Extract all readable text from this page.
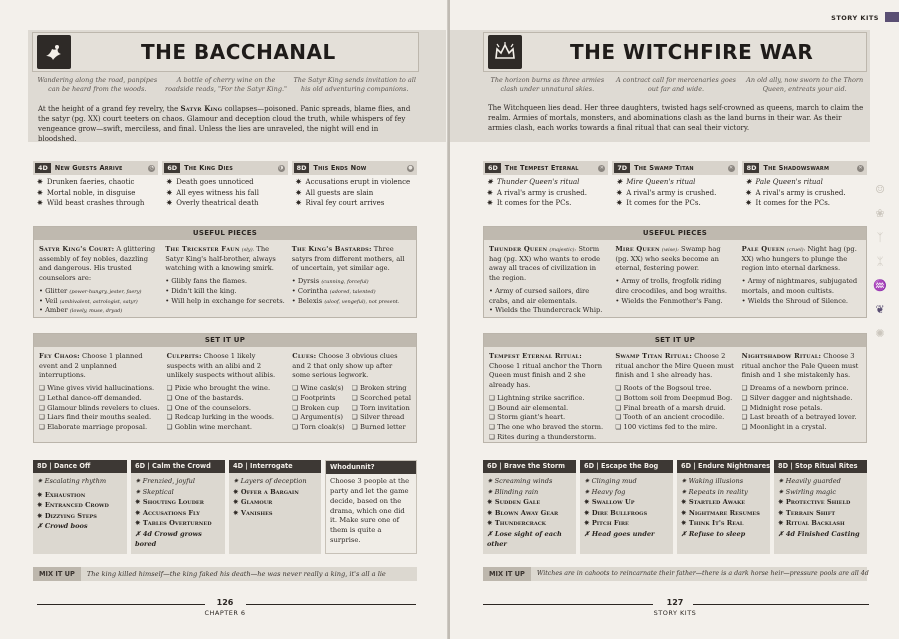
THE BACCHANAL
Wandering along the road, panpipes can be heard from the woods.
A bottle of cherry wine on the roadside reads, "For the Satyr King."
The Satyr King sends invitation to all his old adventuring companions.
At the height of a grand fey revelry, the Satyr King collapses—poisoned. Panic spreads, blame flies, and the satyr (pg. XX) court teeters on chaos. Glamour and deception cloud the truth, while whispers of fey vengeance grow—swift, merciless, and final. Unless the lies are unraveled, the night will end in bloodshed.
4D	New Guests Arrive	◔
✷ Drunken faeries, chaotic
✷ Mortal noble, in disguise
✷ Wild beast crashes through
6D	The King Dies	◑
✷ Death goes unnoticed
✷ All eyes witness his fall
✷ Overly theatrical death
8D	This Ends Now	●
✷ Accusations erupt in violence
✷ All guests are slain
✷ Rival fey court arrives
USEFUL PIECES

Satyr King's Court: A glittering assembly of fey nobles, dazzling and dangerous. His trusted counselors are:

• Glitter (power-hungry, jester, faery)
• Veil (ambivalent, astrologist, satyr)
• Amber (lovely, muse, dryad)

The Trickster Faun (sly). The Satyr King's half-brother, always watching with a knowing smirk.

• Glibly fans the flames.
• Didn't kill the king.
• Will help in exchange for secrets.

The King's Bastards: Three satyrs from different mothers, all of uncertain, yet similar age.

• Dyrsis (cunning, forceful)
• Corintha (adored, talented)
• Belexis (aloof, vengeful), not present.
SET IT UP

Fey Chaos: Choose 1 planned event and 2 unplanned interruptions.

❑ Wine gives vivid hallucinations.
❑ Lethal dance-off demanded.
❑ Glamour blinds revelers to clues.
❑ Liars find their mouths sealed.
❑ Elaborate marriage proposal.

Culprits: Choose 1 likely suspects with an alibi and 2 unlikely suspects without alibis.

❑ Pixie who brought the wine.
❑ One of the bastards.
❑ One of the counselors.
❑ Redcap lurking in the woods.
❑ Goblin wine merchant.

Clues: Choose 3 obvious clues and 2 that only show up after some serious legwork.

❑ Wine cask(s)	❑ Broken string
❑ Footprints	❑ Scorched petal
❑ Broken cup	❑ Torn invitation
❑ Argument(s)	❑ Silver thread
❑ Torn cloak(s)	❑ Burned letter
8D | Dance Off
✷ Escalating rhythm
✷ Exhaustion
✷ Entranced Crowd
✷ Dizzying Steps
✗ Crowd boos
6D | Calm the Crowd
✷ Frenzied, joyful
✷ Skeptical
✷ Shouting Louder
✷ Accusations Fly
✷ Tables Overturned
✗ 4d Crowd grows bored
4D | Interrogate
✷ Layers of deception
✷ Offer a Bargain
✷ Glamour
✷ Vanishes
Whodunnit?
Choose 3 people at the party and let the game decide, based on the drama, which one did it. Make sure one of them is quite a surprise.
MIX IT UP	The king killed himself—the king faked his death—he was never really a king, it's all a lie
126
CHAPTER 6
STORY KITS
THE WITCHFIRE WAR
The horizon burns as three armies clash under unnatural skies.
A contract call for mercenaries goes out far and wide.
An old ally, now sworn to the Thorn Queen, entreats your aid.
The Witchqueen lies dead. Her three daughters, twisted hags self-crowned as queens, march to claim the realm. Armies of mortals, monsters, and abominations clash as the land burns in their war. As their armies clash, each works towards a final ritual that can seal their victory.
6D	The Tempest Eternal	✕
✷ Thunder Queen's ritual
✷ A rival's army is crushed.
✷ It comes for the PCs.
7D	The Swamp Titan	✕
✷ Mire Queen's ritual
✷ A rival's army is crushed.
✷ It comes for the PCs.
8D	The Shadowswarm	✕
✷ Pale Queen's ritual
✷ A rival's army is crushed.
✷ It comes for the PCs.
USEFUL PIECES

Thunder Queen (majestic): Storm hag (pg. XX) who wants to erode away all traces of civilization in the region.

• Army of cursed sailors, dire crabs, and air elementals.
• Wields the Thundercrack Whip.

Mire Queen (wise): Swamp hag (pg. XX) who seeks become an eternal, festering power.

• Army of trolls, frogfolk riding dire crocodiles, and bog wraiths.
• Wields the Fenmother's Fang.

Pale Queen (cruel): Night hag (pg. XX) who hungers to plunge the region into eternal darkness.

• Army of nightmares, subjugated mortals, and moon cultists.
• Wields the Shroud of Silence.
SET IT UP

Tempest Eternal Ritual: Choose 1 ritual anchor the Thorn Queen must finish and 2 she already has.

❑ Lightning strike sacrifice.
❑ Bound air elemental.
❑ Storm giant's heart.
❑ The one who braved the storm.
❑ Rites during a thunderstorm.

Swamp Titan Ritual: Choose 2 ritual anchor the Mire Queen must finish and 1 she already has.

❑ Roots of the Bogsoul tree.
❑ Bottom soil from Deepmud Bog.
❑ Final breath of a marsh druid.
❑ Tooth of an ancient crocodile.
❑ 100 victims fed to the mire.

Nightshadow Ritual: Choose 3 ritual anchor the Pale Queen must finish and 1 she mistakenly has.

❑ Dreams of a newborn prince.
❑ Silver dagger and nightshade.
❑ Midnight rose petals.
❑ Last breath of a betrayed lover.
❑ Moonlight in a crystal.
6D | Brave the Storm
✷ Screaming winds
✷ Blinding rain
✷ Sudden Gale
✷ Blown Away Gear
✷ Thundercrack
✗ Lose sight of each other
6D | Escape the Bog
✷ Clinging mud
✷ Heavy fog
✷ Swallow Up
✷ Dire Bullfrogs
✷ Pitch Fire
✗ Head goes under
6D | Endure Nightmares
✷ Waking illusions
✷ Repeats in reality
✷ Startled Awake
✷ Nightmare Resumes
✷ Think It's Real
✗ Refuse to sleep
8D | Stop Ritual Rites
✷ Heavily guarded
✷ Swirling magic
✷ Protective Shield
✷ Terrain Shift
✷ Ritual Backlash
✗ 4d Finished Casting
MIX IT UP	Witches are in cahoots to reincarnate their father—there is a dark horse heir—pressure pools are all 4d
☺
❀
ᛉ
ᛯ
♒
❦
✺
127
STORY KITS
